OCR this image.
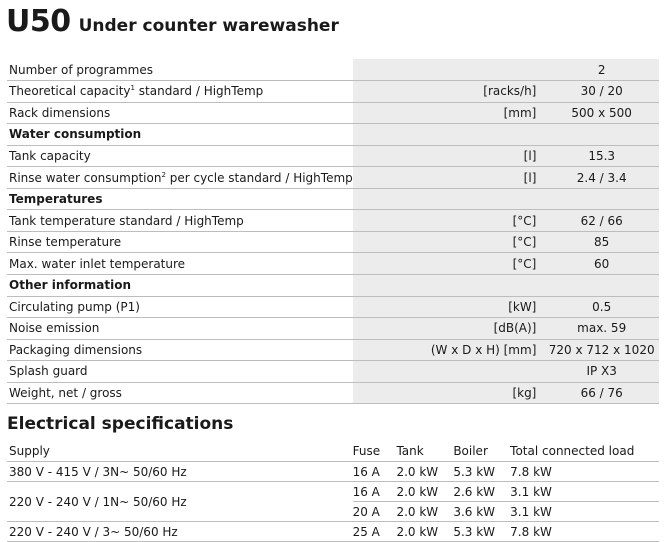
U50 Under counter warewasher
Number of programmes		2
Theoretical capacity$^1$ standard / HighTemp	[racks/h]	30 / 20
Rack dimensions	[mm]	500 x 500
Water consumption		
Tank capacity	[l]	15.3
Rinse water consumption$^2$ per cycle standard / HighTemp	[l]	2.4 / 3.4
Temperatures		
Tank temperature standard / HighTemp	[°C]	62 / 66
Rinse temperature	[°C]	85
Max. water inlet temperature	[°C]	60
Other information		
Circulating pump (P1)	[kW]	0.5
Noise emission	[dB(A)]	max. 59
Packaging dimensions	(W x D x H) [mm]	720 x 712 x 1020
Splash guard		IP X3
Weight, net / gross	[kg]	66 / 76
Electrical specifications
Supply	Fuse	Tank	Boiler	Total connected load
380 V - 415 V / 3N~ 50/60 Hz	16 A	2.0 kW	5.3 kW	7.8 kW
220 V - 240 V / 1N~ 50/60 Hz	16 A	2.0 kW	2.6 kW	3.1 kW
	20 A	2.0 kW	3.6 kW	3.1 kW
220 V - 240 V / 3~ 50/60 Hz	25 A	2.0 kW	5.3 kW	7.8 kW
